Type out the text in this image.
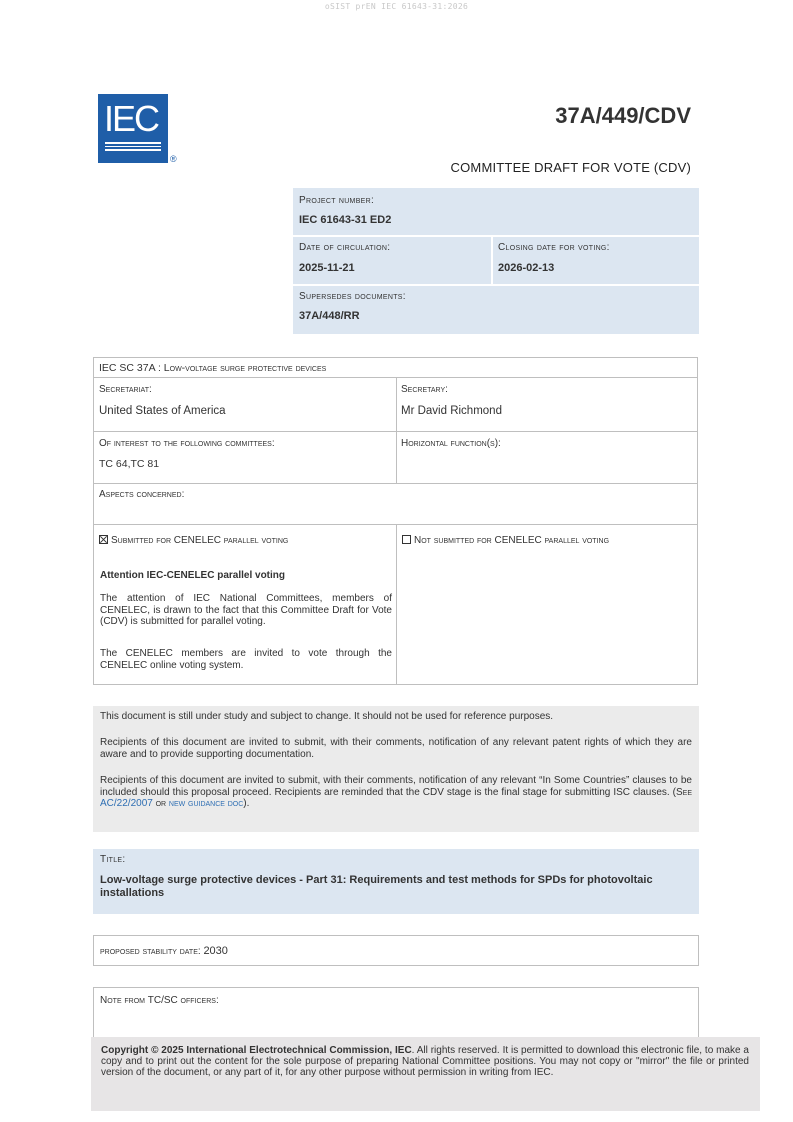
oSIST prEN IEC 61643-31:2026
IEC
®
37A/449/CDV
COMMITTEE DRAFT FOR VOTE (CDV)
Project number:
IEC 61643-31 ED2
Date of circulation:
2025-11-21
Closing date for voting:
2026-02-13
Supersedes documents:
37A/448/RR
IEC SC 37A : Low-voltage surge protective devices
Secretariat:
United States of America
Secretary:
Mr David Richmond
Of interest to the following committees:
TC 64,TC 81
Horizontal function(s):
Aspects concerned:
Submitted for CENELEC parallel voting	Not submitted for CENELEC parallel voting
Attention IEC-CENELEC parallel voting
The attention of IEC National Committees, members of CENELEC, is drawn to the fact that this Committee Draft for Vote (CDV) is submitted for parallel voting.
The CENELEC members are invited to vote through the CENELEC online voting system.
This document is still under study and subject to change. It should not be used for reference purposes.
Recipients of this document are invited to submit, with their comments, notification of any relevant patent rights of which they are aware and to provide supporting documentation.
Recipients of this document are invited to submit, with their comments, notification of any relevant “In Some Countries” clauses to be included should this proposal proceed. Recipients are reminded that the CDV stage is the final stage for submitting ISC clauses. (See AC/22/2007 or new guidance doc).
Title:
Low-voltage surge protective devices - Part 31: Requirements and test methods for SPDs for photovoltaic installations
proposed stability date: 2030
Note from TC/SC officers:

Copyright © 2025 International Electrotechnical Commission, IEC. All rights reserved. It is permitted to download this electronic file, to make a copy and to print out the content for the sole purpose of preparing National Committee positions. You may not copy or "mirror" the file or printed version of the document, or any part of it, for any other purpose without permission in writing from IEC.
